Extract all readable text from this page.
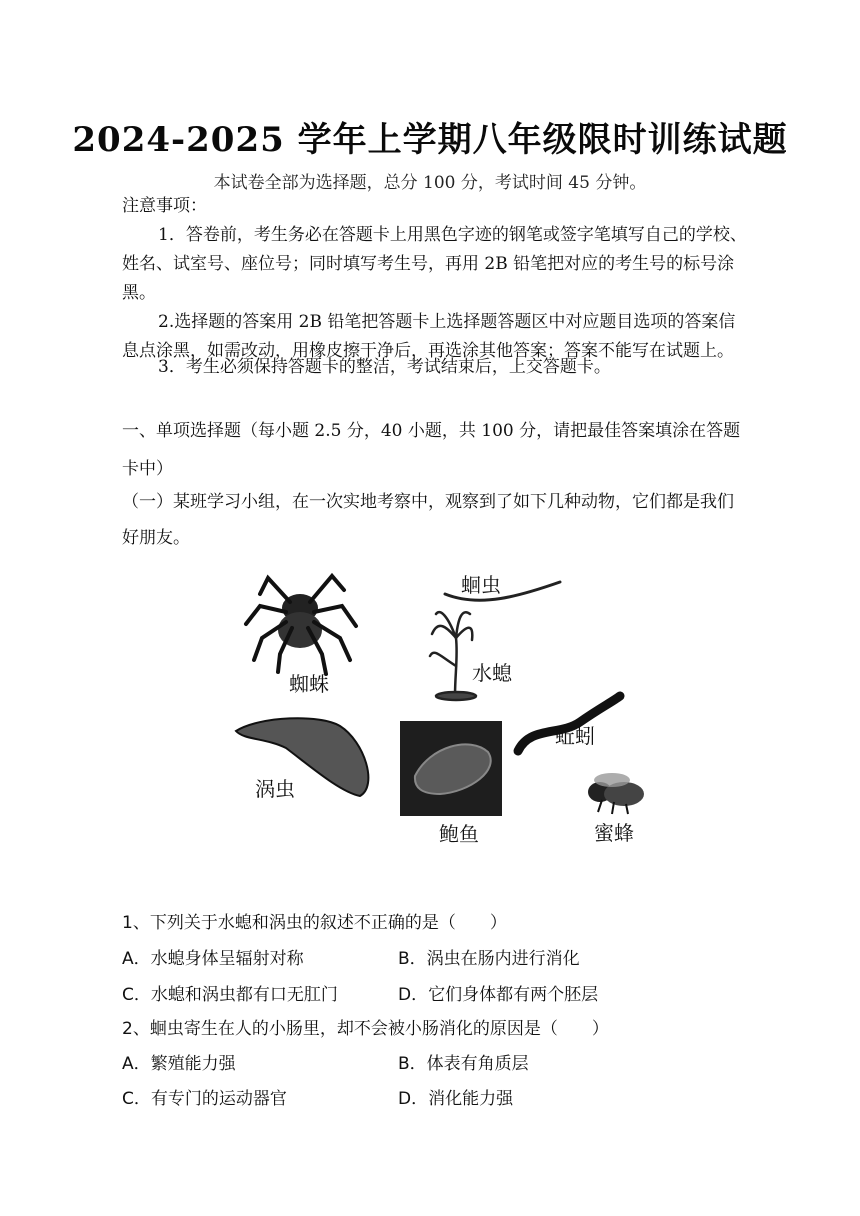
2024-2025 学年上学期八年级限时训练试题
本试卷全部为选择题，总分 100 分，考试时间 45 分钟。
注意事项：
1．答卷前，考生务必在答题卡上用黑色字迹的钢笔或签字笔填写自己的学校、姓名、试室号、座位号；同时填写考生号，再用 2B 铅笔把对应的考生号的标号涂黑。
2.选择题的答案用 2B 铅笔把答题卡上选择题答题区中对应题目选项的答案信息点涂黑，如需改动，用橡皮擦干净后，再选涂其他答案；答案不能写在试题上。
3．考生必须保持答题卡的整洁，考试结束后，上交答题卡。
一、单项选择题（每小题 2.5 分，40 小题，共 100 分，请把最佳答案填涂在答题卡中）
（一）某班学习小组，在一次实地考察中，观察到了如下几种动物，它们都是我们好朋友。
蜘蛛
蛔虫
水螅
蚯蚓
涡虫
鲍鱼	蜜蜂
1、下列关于水螅和涡虫的叙述不正确的是（　　）
A．水螅身体呈辐射对称	B．涡虫在肠内进行消化
C．水螅和涡虫都有口无肛门	D．它们身体都有两个胚层
2、蛔虫寄生在人的小肠里，却不会被小肠消化的原因是（　　）
A．繁殖能力强	B．体表有角质层
C．有专门的运动器官	D．消化能力强
